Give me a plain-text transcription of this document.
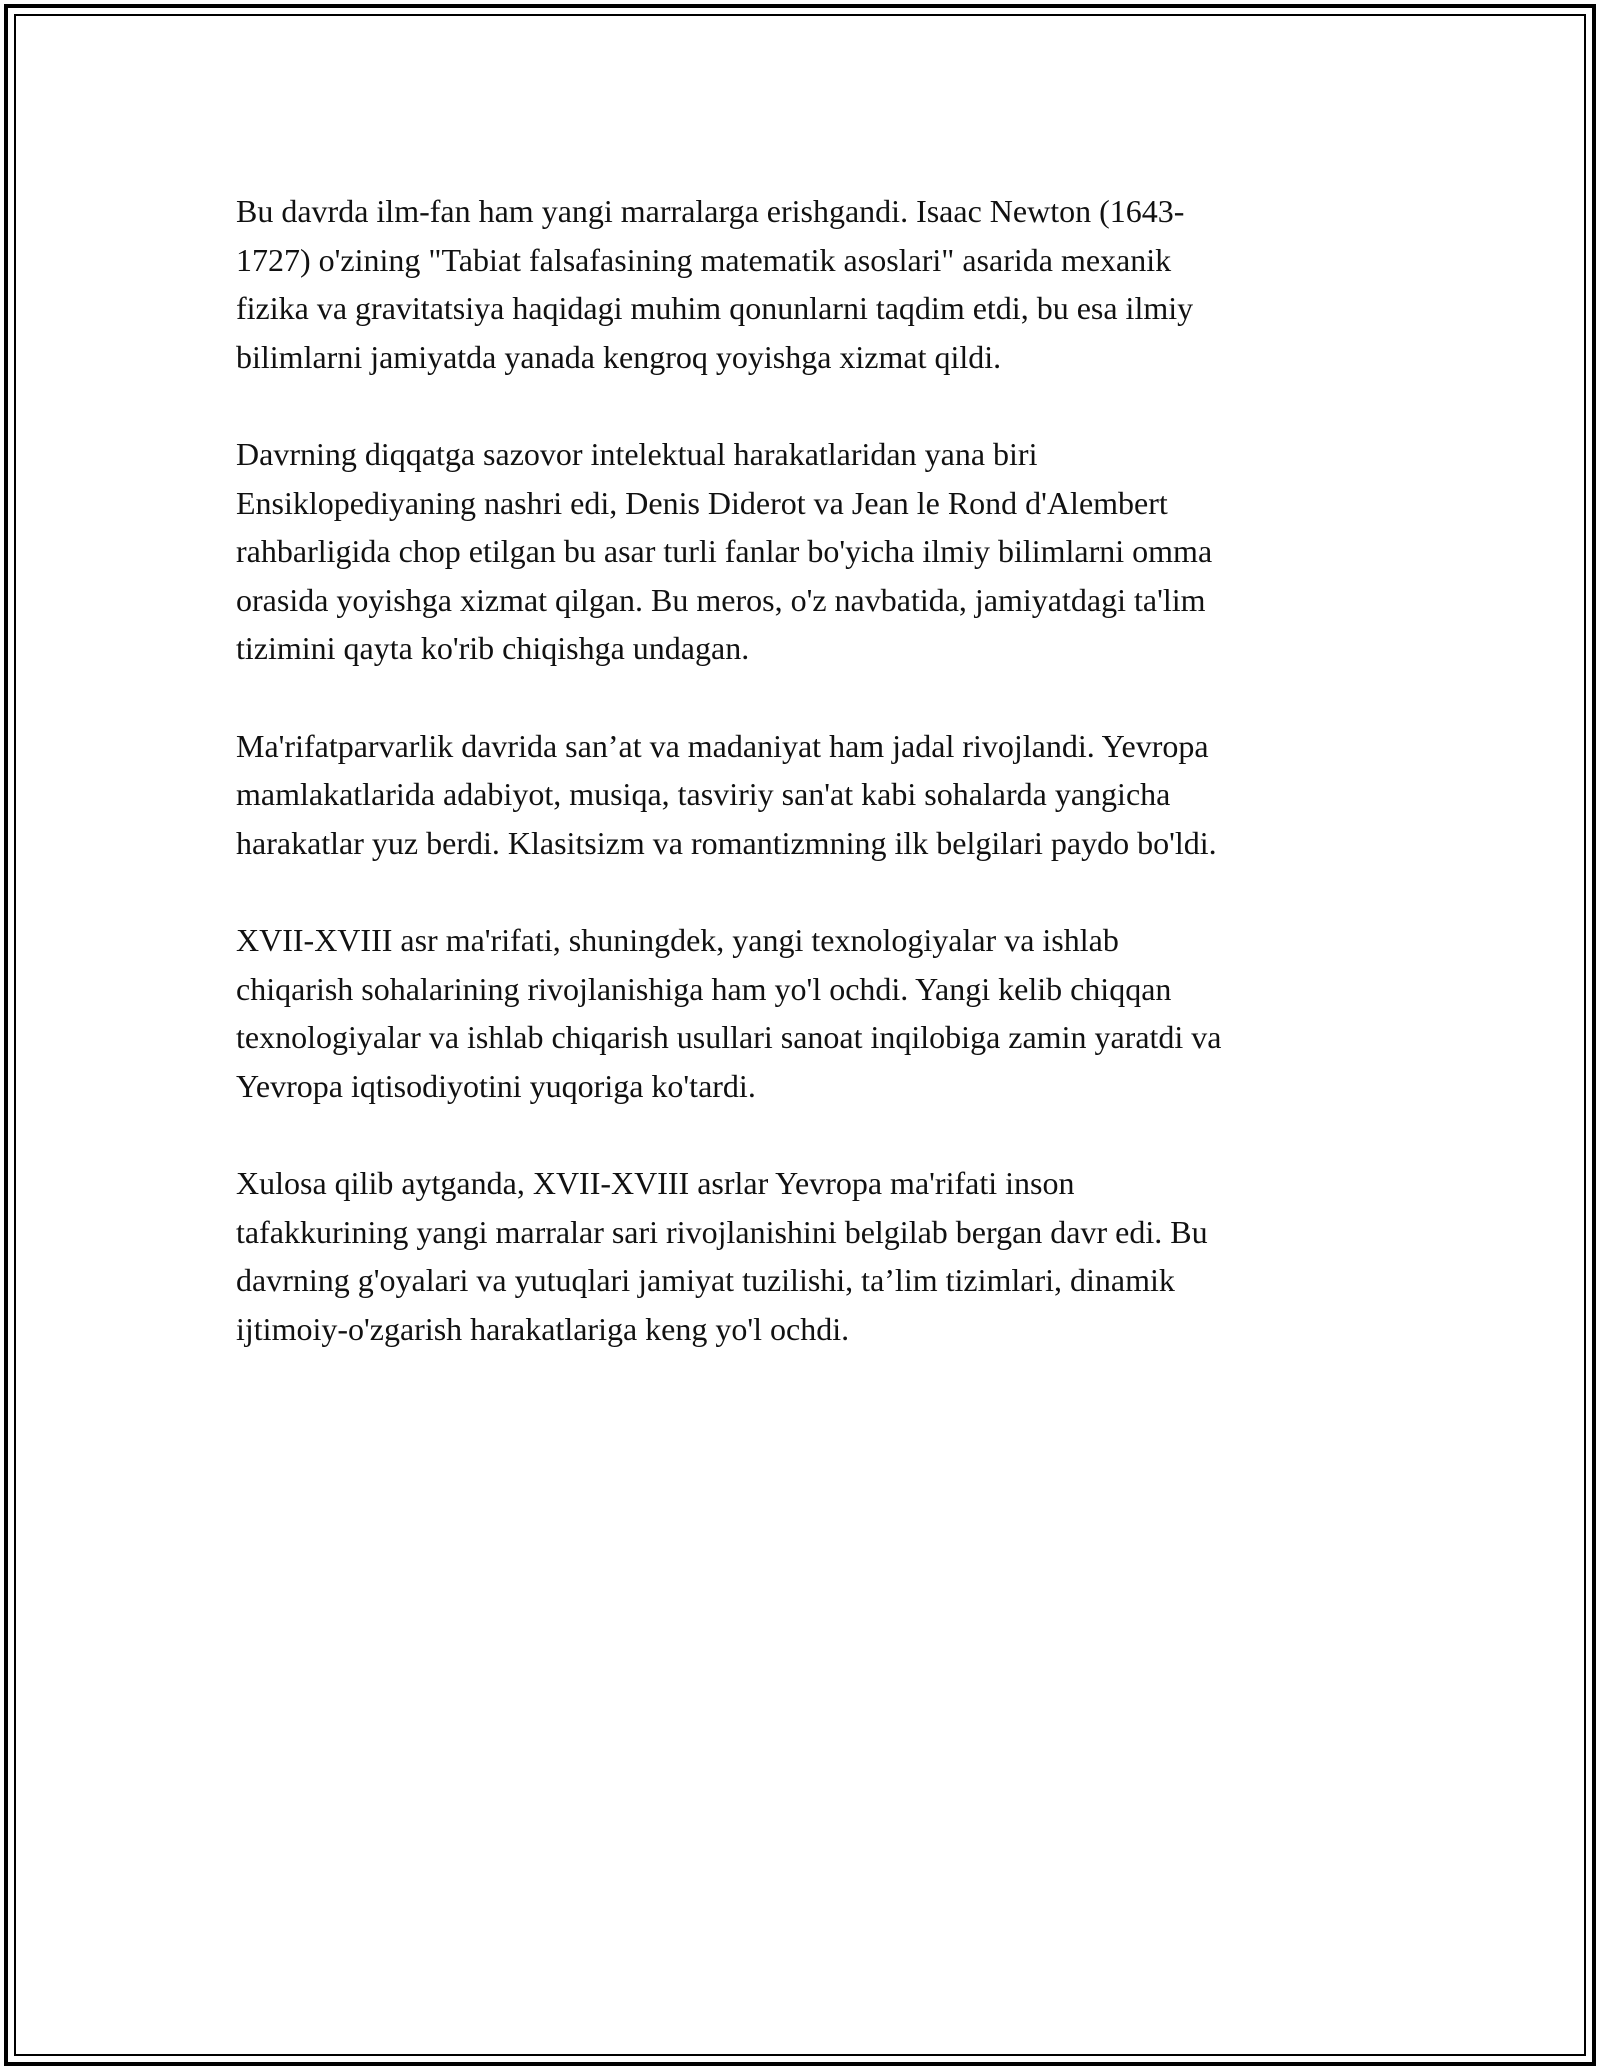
Bu davrda ilm-fan ham yangi marralarga erishgandi. Isaac Newton (1643-
1727) o'zining "Tabiat falsafasining matematik asoslari" asarida mexanik
fizika va gravitatsiya haqidagi muhim qonunlarni taqdim etdi, bu esa ilmiy
bilimlarni jamiyatda yanada kengroq yoyishga xizmat qildi.

Davrning diqqatga sazovor intelektual harakatlaridan yana biri
Ensiklopediyaning nashri edi, Denis Diderot va Jean le Rond d'Alembert
rahbarligida chop etilgan bu asar turli fanlar bo'yicha ilmiy bilimlarni omma
orasida yoyishga xizmat qilgan. Bu meros, o'z navbatida, jamiyatdagi ta'lim
tizimini qayta ko'rib chiqishga undagan.

Ma'rifatparvarlik davrida san’at va madaniyat ham jadal rivojlandi. Yevropa
mamlakatlarida adabiyot, musiqa, tasviriy san'at kabi sohalarda yangicha
harakatlar yuz berdi. Klasitsizm va romantizmning ilk belgilari paydo bo'ldi.

XVII-XVIII asr ma'rifati, shuningdek, yangi texnologiyalar va ishlab
chiqarish sohalarining rivojlanishiga ham yo'l ochdi. Yangi kelib chiqqan
texnologiyalar va ishlab chiqarish usullari sanoat inqilobiga zamin yaratdi va
Yevropa iqtisodiyotini yuqoriga ko'tardi.

Xulosa qilib aytganda, XVII-XVIII asrlar Yevropa ma'rifati inson
tafakkurining yangi marralar sari rivojlanishini belgilab bergan davr edi. Bu
davrning g'oyalari va yutuqlari jamiyat tuzilishi, ta’lim tizimlari, dinamik
ijtimoiy-o'zgarish harakatlariga keng yo'l ochdi.
